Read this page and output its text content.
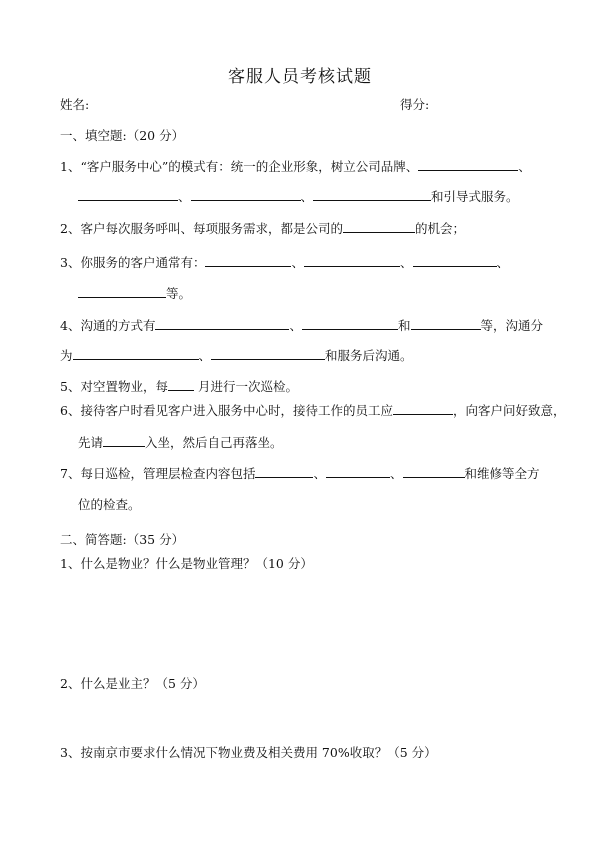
客服人员考核试题
姓名:	得分:
一、填空题:（20 分）
1、“客户服务中心”的模式有：统一的企业形象，树立公司品牌、	、
、	、	和引导式服务。
2、客户每次服务呼叫、每项服务需求，都是公司的	的机会；
3、你服务的客户通常有：	、	、	、
等。
4、沟通的方式有	、	和	等，沟通分
为	、	和服务后沟通。
5、对空置物业，每 月进行一次巡检。
6、接待客户时看见客户进入服务中心时，接待工作的员工应	，向客户问好致意，
先请	入坐，然后自己再落坐。
7、每日巡检，管理层检查内容包括	、	、	和维修等全方
位的检查。
二、简答题:（35 分）
1、什么是物业？什么是物业管理？（10 分）
2、什么是业主？（5 分）
3、按南京市要求什么情况下物业费及相关费用 70%收取？（5 分）
